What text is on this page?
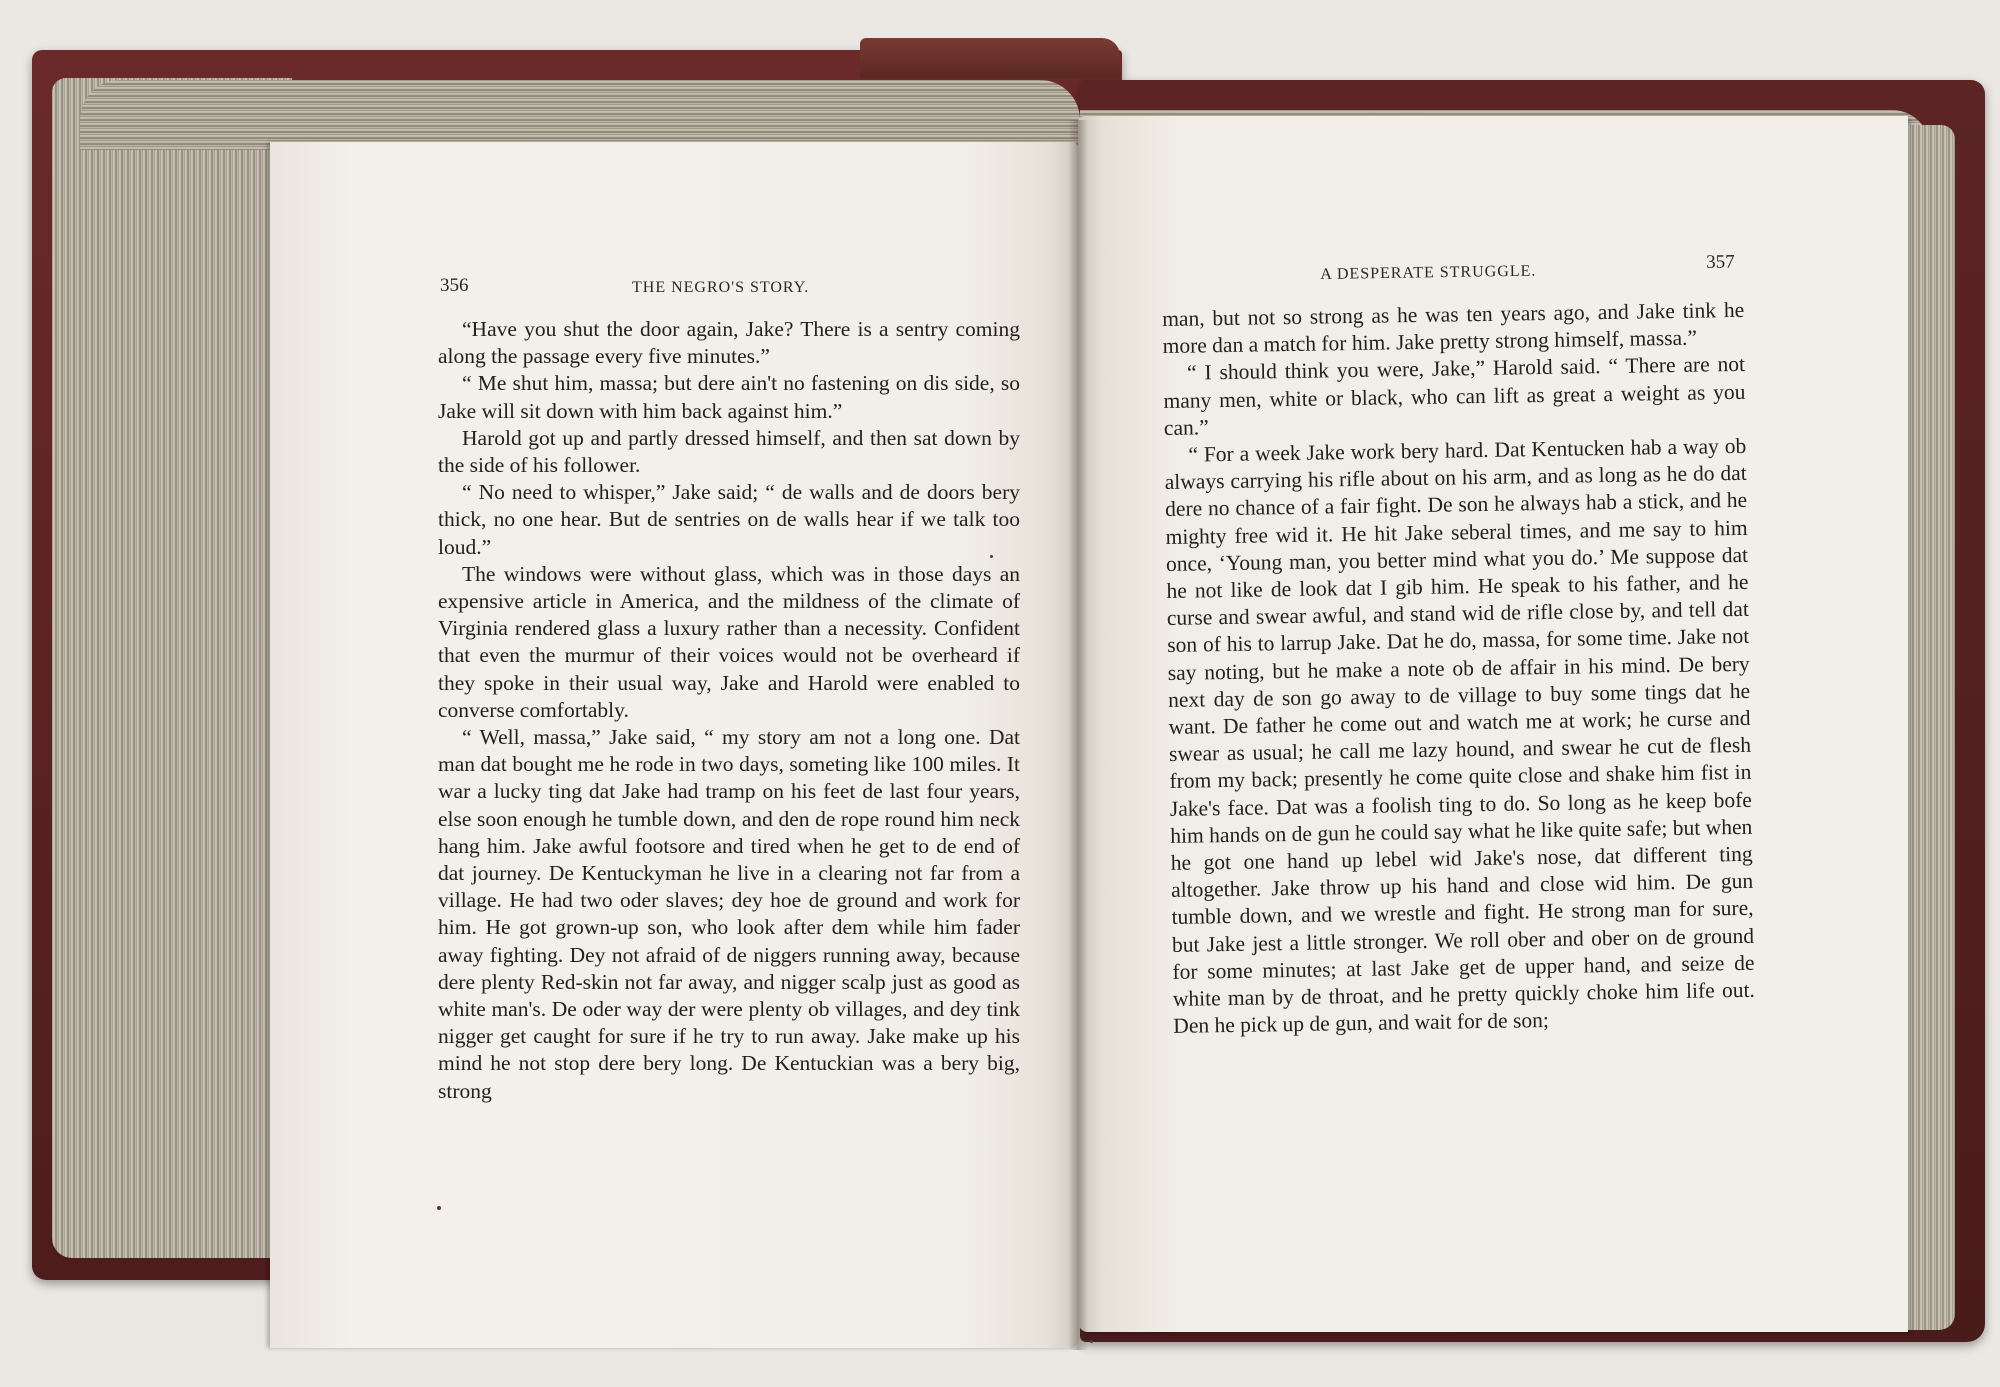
356	THE NEGRO'S STORY.

“Have you shut the door again, Jake? There is a sentry coming along the passage every five minutes.”

“ Me shut him, massa; but dere ain't no fastening on dis side, so Jake will sit down with him back against him.”

Harold got up and partly dressed himself, and then sat down by the side of his follower.

“ No need to whisper,” Jake said; “ de walls and de doors bery thick, no one hear. But de sentries on de walls hear if we talk too loud.”

The windows were without glass, which was in those days an expensive article in America, and the mildness of the climate of Virginia rendered glass a luxury rather than a necessity. Confident that even the murmur of their voices would not be overheard if they spoke in their usual way, Jake and Harold were enabled to converse comfortably.

“ Well, massa,” Jake said, “ my story am not a long one. Dat man dat bought me he rode in two days, someting like 100 miles. It war a lucky ting dat Jake had tramp on his feet de last four years, else soon enough he tumble down, and den de rope round him neck hang him. Jake awful footsore and tired when he get to de end of dat journey. De Kentuckyman he live in a clearing not far from a village. He had two oder slaves; dey hoe de ground and work for him. He got grown-up son, who look after dem while him fader away fighting. Dey not afraid of de niggers running away, because dere plenty Red-skin not far away, and nigger scalp just as good as white man's. De oder way der were plenty ob villages, and dey tink nigger get caught for sure if he try to run away. Jake make up his mind he not stop dere bery long. De Kentuckian was a bery big, strong

A DESPERATE STRUGGLE.	357

man, but not so strong as he was ten years ago, and Jake tink he more dan a match for him. Jake pretty strong himself, massa.”

“ I should think you were, Jake,” Harold said. “ There are not many men, white or black, who can lift as great a weight as you can.”

“ For a week Jake work bery hard. Dat Kentucken hab a way ob always carrying his rifle about on his arm, and as long as he do dat dere no chance of a fair fight. De son he always hab a stick, and he mighty free wid it. He hit Jake seberal times, and me say to him once, ‘Young man, you better mind what you do.’ Me suppose dat he not like de look dat I gib him. He speak to his father, and he curse and swear awful, and stand wid de rifle close by, and tell dat son of his to larrup Jake. Dat he do, massa, for some time. Jake not say noting, but he make a note ob de affair in his mind. De bery next day de son go away to de village to buy some tings dat he want. De father he come out and watch me at work; he curse and swear as usual; he call me lazy hound, and swear he cut de flesh from my back; presently he come quite close and shake him fist in Jake's face. Dat was a foolish ting to do. So long as he keep bofe him hands on de gun he could say what he like quite safe; but when he got one hand up lebel wid Jake's nose, dat different ting altogether. Jake throw up his hand and close wid him. De gun tumble down, and we wrestle and fight. He strong man for sure, but Jake jest a little stronger. We roll ober and ober on de ground for some minutes; at last Jake get de upper hand, and seize de white man by de throat, and he pretty quickly choke him life out. Den he pick up de gun, and wait for de son;
